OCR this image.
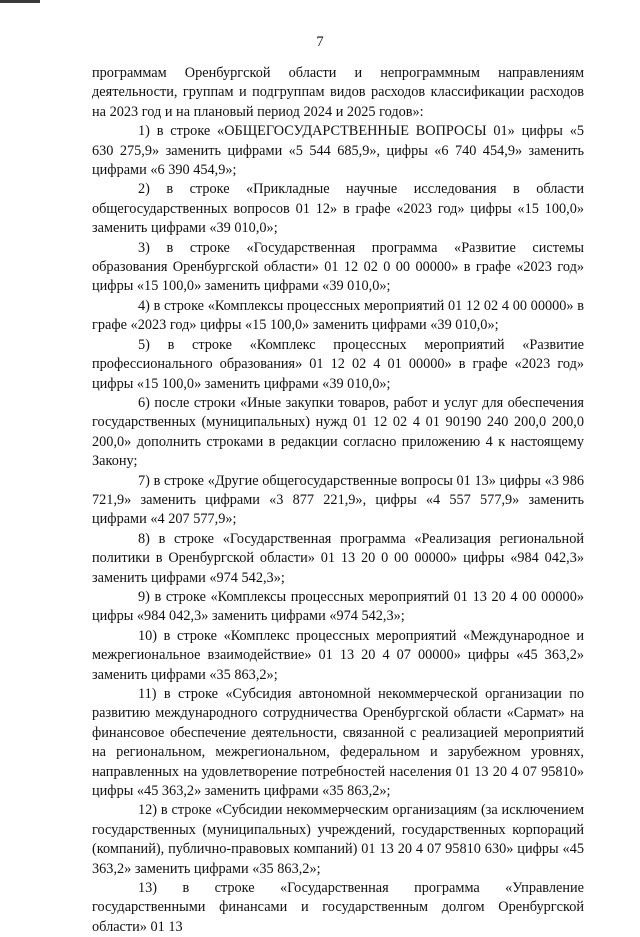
7

программам Оренбургской области и непрограммным направлениям деятельности, группам и подгруппам видов расходов классификации расходов на 2023 год и на плановый период 2024 и 2025 годов»:

1) в строке «ОБЩЕГОСУДАРСТВЕННЫЕ ВОПРОСЫ 01» цифры «5 630 275,9» заменить цифрами «5 544 685,9», цифры «6 740 454,9» заменить цифрами «6 390 454,9»;

2) в строке «Прикладные научные исследования в области общегосударственных вопросов 01 12» в графе «2023 год» цифры «15 100,0» заменить цифрами «39 010,0»;

3) в строке «Государственная программа «Развитие системы образования Оренбургской области» 01 12 02 0 00 00000» в графе «2023 год» цифры «15 100,0» заменить цифрами «39 010,0»;

4) в строке «Комплексы процессных мероприятий 01 12 02 4 00 00000» в графе «2023 год» цифры «15 100,0» заменить цифрами «39 010,0»;

5) в строке «Комплекс процессных мероприятий «Развитие профессионального образования» 01 12 02 4 01 00000» в графе «2023 год» цифры «15 100,0» заменить цифрами «39 010,0»;

6) после строки «Иные закупки товаров, работ и услуг для обеспечения государственных (муниципальных) нужд 01 12 02 4 01 90190 240 200,0 200,0 200,0» дополнить строками в редакции согласно приложению 4 к настоящему Закону;

7) в строке «Другие общегосударственные вопросы 01 13» цифры «3 986 721,9» заменить цифрами «3 877 221,9», цифры «4 557 577,9» заменить цифрами «4 207 577,9»;

8) в строке «Государственная программа «Реализация региональной политики в Оренбургской области» 01 13 20 0 00 00000» цифры «984 042,3» заменить цифрами «974 542,3»;

9) в строке «Комплексы процессных мероприятий 01 13 20 4 00 00000» цифры «984 042,3» заменить цифрами «974 542,3»;

10) в строке «Комплекс процессных мероприятий «Международное и межрегиональное взаимодействие» 01 13 20 4 07 00000» цифры «45 363,2» заменить цифрами «35 863,2»;

11) в строке «Субсидия автономной некоммерческой организации по развитию международного сотрудничества Оренбургской области «Сармат» на финансовое обеспечение деятельности, связанной с реализацией мероприятий на региональном, межрегиональном, федеральном и зарубежном уровнях, направленных на удовлетворение потребностей населения 01 13 20 4 07 95810» цифры «45 363,2» заменить цифрами «35 863,2»;

12) в строке «Субсидии некоммерческим организациям (за исключением государственных (муниципальных) учреждений, государственных корпораций (компаний), публично-правовых компаний) 01 13 20 4 07 95810 630» цифры «45 363,2» заменить цифрами «35 863,2»;

13) в строке «Государственная программа «Управление государственными финансами и государственным долгом Оренбургской области» 01 13
